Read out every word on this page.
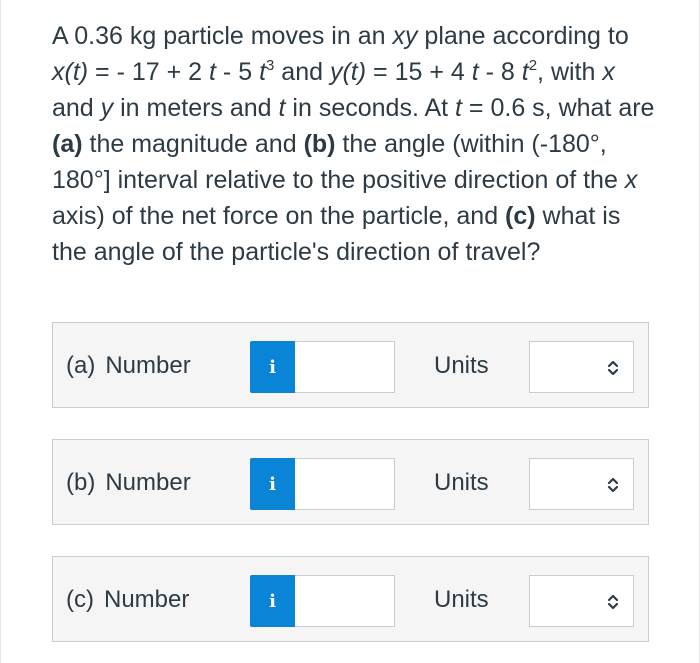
A 0.36 kg particle moves in an xy plane according to x(t) = - 17 + 2 t - 5 $t^3$ and y(t) = 15 + 4 t - 8 $t^2$, with x and y in meters and t in seconds. At t = 0.6 s, what are (a) the magnitude and (b) the angle (within (-180°, 180°] interval relative to the positive direction of the x axis) of the net force on the particle, and (c) what is the angle of the particle's direction of travel?

(a) Number	i	Units
(b) Number	i	Units
(c) Number	i	Units
